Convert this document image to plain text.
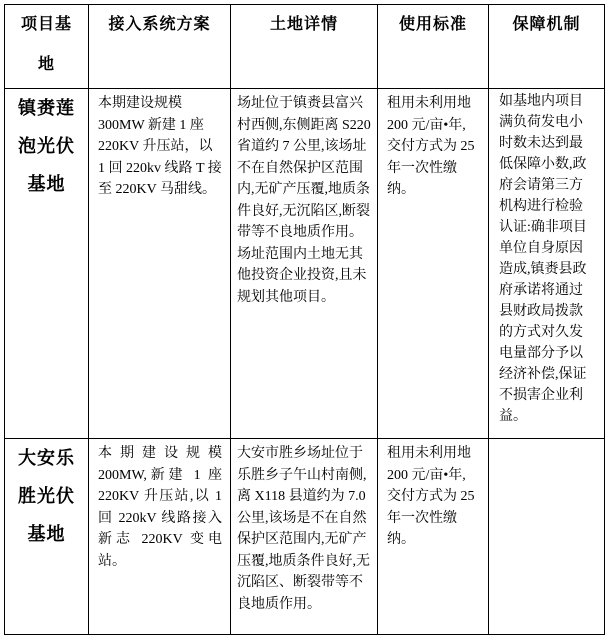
项目基地	接入系统方案	土地详情	使用标准	保障机制
镇赉莲泡光伏基地	本期建设规模 300MW 新建 1 座 220KV 升压站，以 1 回 220kv 线路 T 接至 220KV 马甜线。	场址位于镇赉县富兴村西侧,东侧距离 S220 省道约 7 公里,该场址不在自然保护区范围内,无矿产压覆,地质条件良好,无沉陷区,断裂带等不良地质作用。场址范围内土地无其他投资企业投资,且未规划其他项目。	租用未利用地 200 元/亩•年,交付方式为 25 年一次性缴纳。	如基地内项目满负荷发电小时数未达到最低保障小数,政府会请第三方机构进行检验认证:确非项目单位自身原因造成,镇赉县政府承诺将通过县财政局拨款的方式对久发电量部分予以经济补偿,保证不损害企业利益。
大安乐胜光伏基地	本期建设规模 200MW,新建 1 座 220KV 升压站,以 1 回 220kV 线路接入新志 220KV 变电站。	大安市胜乡场址位于乐胜乡子午山村南侧,离 X118 县道约为 7.0 公里,该场是不在自然保护区范围内,无矿产压覆,地质条件良好,无沉陷区、断裂带等不良地质作用。	租用未利用地 200 元/亩•年,交付方式为 25 年一次性缴纳。	
